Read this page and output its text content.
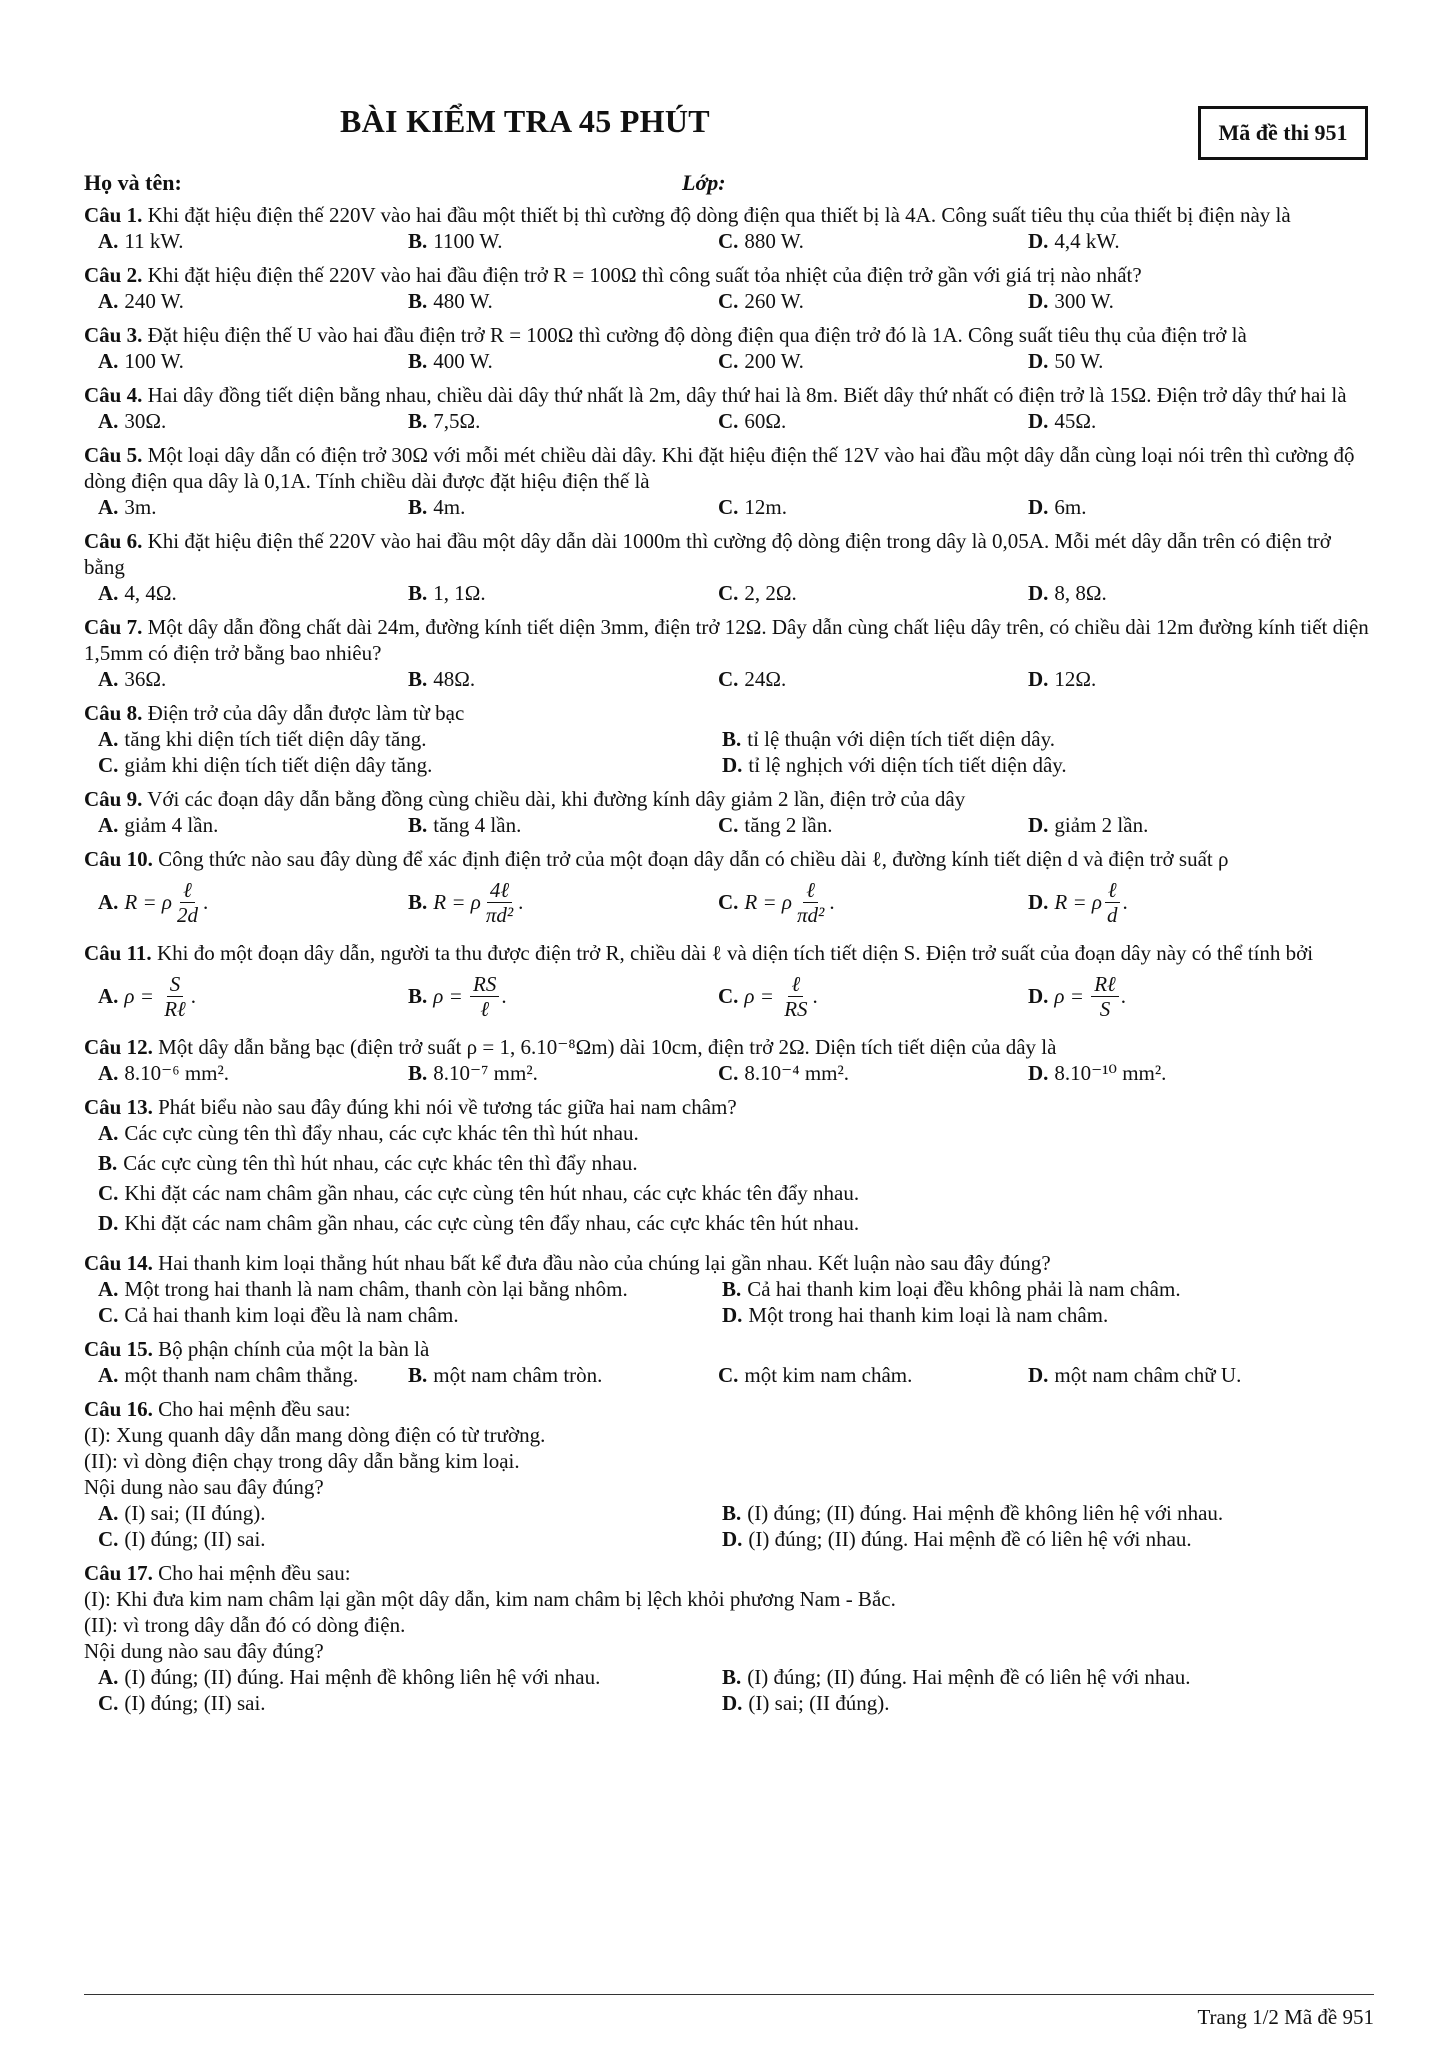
BÀI KIỂM TRA 45 PHÚT	Mã đề thi 951
Họ và tên:	Lớp:
Câu 1. Khi đặt hiệu điện thế 220V vào hai đầu một thiết bị thì cường độ dòng điện qua thiết bị là 4A. Công suất tiêu thụ của thiết bị điện này là
A. 11 kW.	B. 1100 W.	C. 880 W.	D. 4,4 kW.
Câu 2. Khi đặt hiệu điện thế 220V vào hai đầu điện trở R = 100Ω thì công suất tỏa nhiệt của điện trở gần với giá trị nào nhất?
A. 240 W.	B. 480 W.	C. 260 W.	D. 300 W.
Câu 3. Đặt hiệu điện thế U vào hai đầu điện trở R = 100Ω thì cường độ dòng điện qua điện trở đó là 1A. Công suất tiêu thụ của điện trở là
A. 100 W.	B. 400 W.	C. 200 W.	D. 50 W.
Câu 4. Hai dây đồng tiết diện bằng nhau, chiều dài dây thứ nhất là 2m, dây thứ hai là 8m. Biết dây thứ nhất có điện trở là 15Ω. Điện trở dây thứ hai là
A. 30Ω.	B. 7,5Ω.	C. 60Ω.	D. 45Ω.
Câu 5. Một loại dây dẫn có điện trở 30Ω với mỗi mét chiều dài dây. Khi đặt hiệu điện thế 12V vào hai đầu một dây dẫn cùng loại nói trên thì cường độ dòng điện qua dây là 0,1A. Tính chiều dài được đặt hiệu điện thế là
A. 3m.	B. 4m.	C. 12m.	D. 6m.
Câu 6. Khi đặt hiệu điện thế 220V vào hai đầu một dây dẫn dài 1000m thì cường độ dòng điện trong dây là 0,05A. Mỗi mét dây dẫn trên có điện trở bằng
A. 4, 4Ω.	B. 1, 1Ω.	C. 2, 2Ω.	D. 8, 8Ω.
Câu 7. Một dây dẫn đồng chất dài 24m, đường kính tiết diện 3mm, điện trở 12Ω. Dây dẫn cùng chất liệu dây trên, có chiều dài 12m đường kính tiết diện 1,5mm có điện trở bằng bao nhiêu?
A. 36Ω.	B. 48Ω.	C. 24Ω.	D. 12Ω.
Câu 8. Điện trở của dây dẫn được làm từ bạc
A. tăng khi diện tích tiết diện dây tăng.	B. tỉ lệ thuận với diện tích tiết diện dây.
C. giảm khi diện tích tiết diện dây tăng.	D. tỉ lệ nghịch với diện tích tiết diện dây.
Câu 9. Với các đoạn dây dẫn bằng đồng cùng chiều dài, khi đường kính dây giảm 2 lần, điện trở của dây
A. giảm 4 lần.	B. tăng 4 lần.	C. tăng 2 lần.	D. giảm 2 lần.
Câu 10. Công thức nào sau đây dùng để xác định điện trở của một đoạn dây dẫn có chiều dài ℓ, đường kính tiết diện d và điện trở suất ρ
A. R = ρ $\frac{\text{ℓ}}{2d}$ .	B. R = ρ $\frac{\text{4ℓ}}{\text{πd²}}$ .	C. R = ρ $\frac{\text{ℓ}}{\text{πd²}}$ .	D. R = ρ $\frac{\text{ℓ}}{d}$ .
Câu 11. Khi đo một đoạn dây dẫn, người ta thu được điện trở R, chiều dài ℓ và diện tích tiết diện S. Điện trở suất của đoạn dây này có thể tính bởi
A. ρ =
$\frac{S}{\text{Rℓ}}$ .	B. ρ =
$\frac{RS}{\text{ℓ}}$ .	C. ρ =
$\frac{\text{ℓ}}{RS}$ .	D. ρ =
$\frac{\text{Rℓ}}{S}$ .
Câu 12. Một dây dẫn bằng bạc (điện trở suất ρ = 1, 6.10⁻⁸Ωm) dài 10cm, điện trở 2Ω. Diện tích tiết diện của dây là
A. 8.10⁻⁶ mm².	B. 8.10⁻⁷ mm².	C. 8.10⁻⁴ mm².	D. 8.10⁻¹⁰ mm².
Câu 13. Phát biểu nào sau đây đúng khi nói về tương tác giữa hai nam châm?
A. Các cực cùng tên thì đẩy nhau, các cực khác tên thì hút nhau.
B. Các cực cùng tên thì hút nhau, các cực khác tên thì đẩy nhau.
C. Khi đặt các nam châm gần nhau, các cực cùng tên hút nhau, các cực khác tên đẩy nhau.
D. Khi đặt các nam châm gần nhau, các cực cùng tên đẩy nhau, các cực khác tên hút nhau.
Câu 14. Hai thanh kim loại thẳng hút nhau bất kể đưa đầu nào của chúng lại gần nhau. Kết luận nào sau đây đúng?
A. Một trong hai thanh là nam châm, thanh còn lại bằng nhôm.	B. Cả hai thanh kim loại đều không phải là nam châm.
C. Cả hai thanh kim loại đều là nam châm.	D. Một trong hai thanh kim loại là nam châm.
Câu 15. Bộ phận chính của một la bàn là
A. một thanh nam châm thẳng.	B. một nam châm tròn.	C. một kim nam châm.	D. một nam châm chữ U.
Câu 16. Cho hai mệnh đều sau:
(I): Xung quanh dây dẫn mang dòng điện có từ trường.
(II): vì dòng điện chạy trong dây dẫn bằng kim loại.
Nội dung nào sau đây đúng?
A. (I) sai; (II đúng).	B. (I) đúng; (II) đúng. Hai mệnh đề không liên hệ với nhau.
C. (I) đúng; (II) sai.	D. (I) đúng; (II) đúng. Hai mệnh đề có liên hệ với nhau.
Câu 17. Cho hai mệnh đều sau:
(I): Khi đưa kim nam châm lại gần một dây dẫn, kim nam châm bị lệch khỏi phương Nam - Bắc.
(II): vì trong dây dẫn đó có dòng điện.
Nội dung nào sau đây đúng?
A. (I) đúng; (II) đúng. Hai mệnh đề không liên hệ với nhau.	B. (I) đúng; (II) đúng. Hai mệnh đề có liên hệ với nhau.
C. (I) đúng; (II) sai.	D. (I) sai; (II đúng).
Trang 1/2 Mã đề 951
